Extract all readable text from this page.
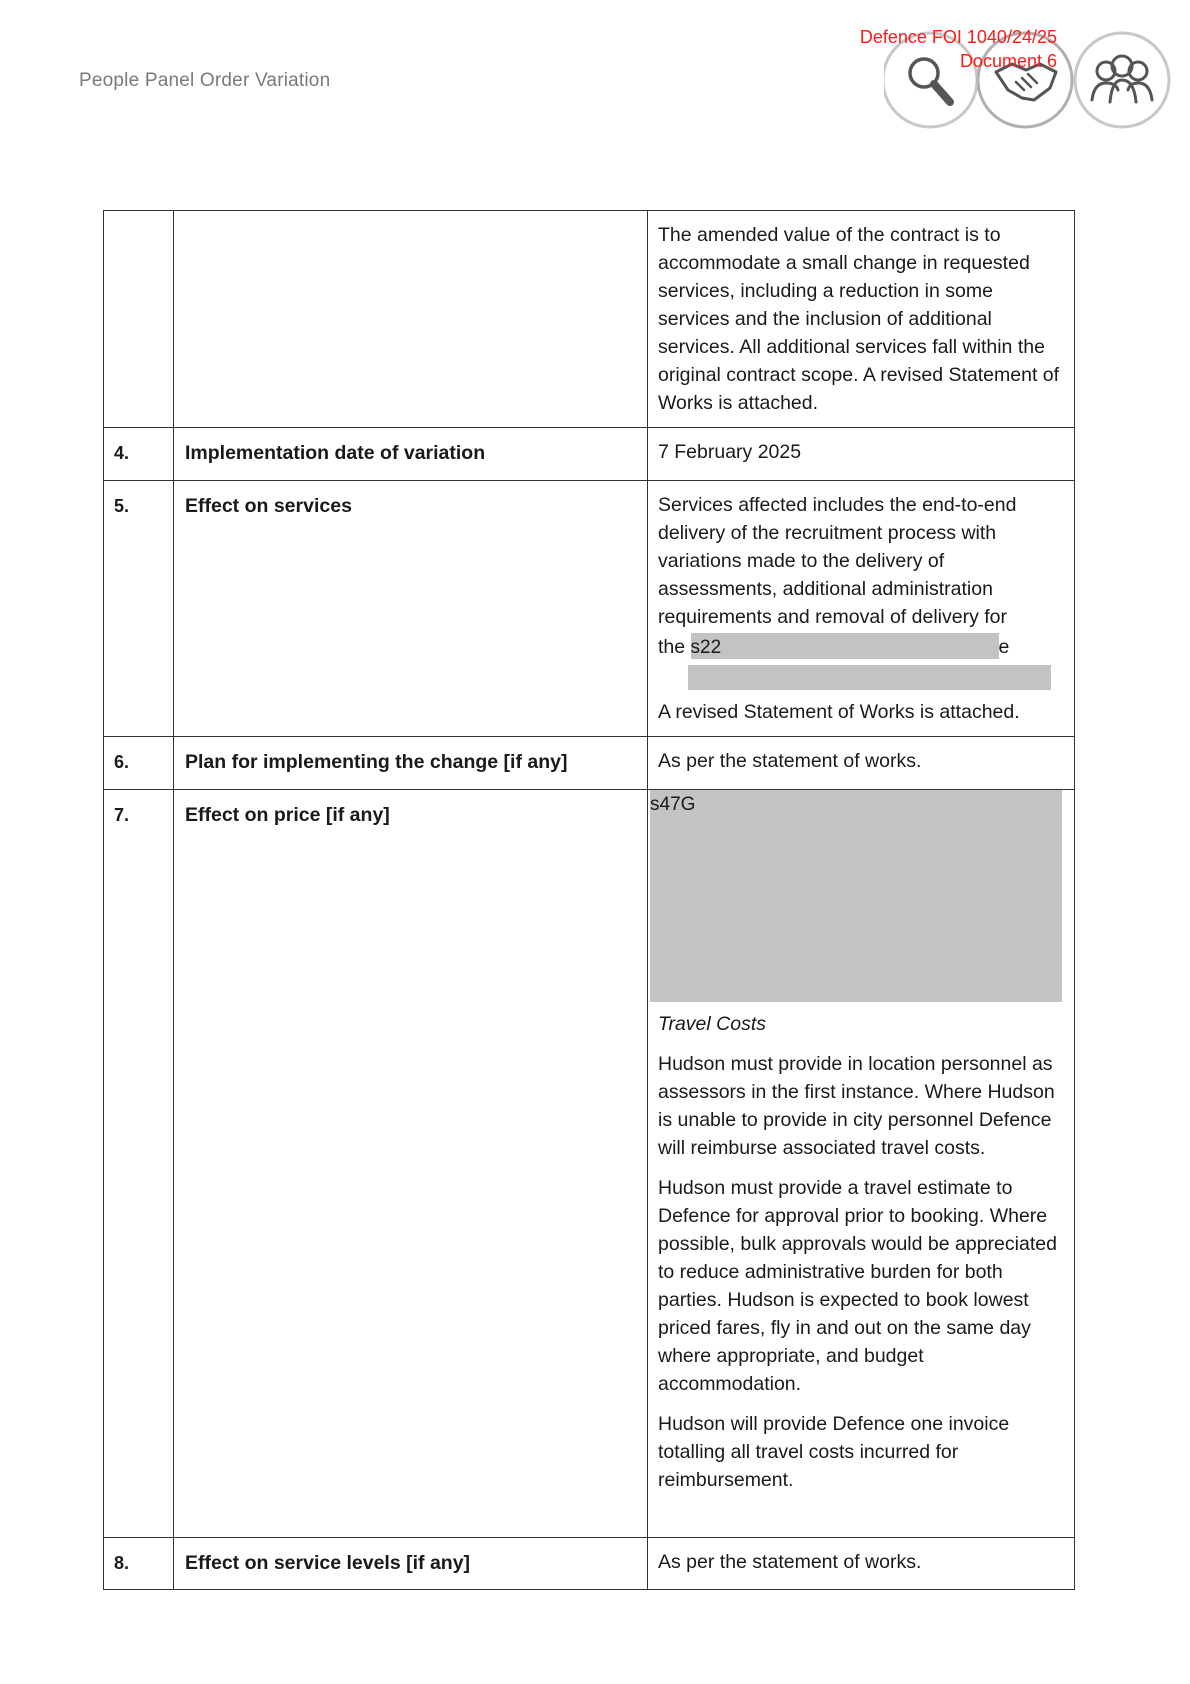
People Panel Order Variation
Defence FOI 1040/24/25
Document 6

		The amended value of the contract is to accommodate a small change in requested services, including a reduction in some services and the inclusion of additional services. All additional services fall within the original contract scope. A revised Statement of Works is attached.

4.	Implementation date of variation	7 February 2025
5.	Effect on services	Services affected includes the end-to-end delivery of the recruitment process with variations made to the delivery of assessments, additional administration requirements and removal of delivery for
the s22 e
A revised Statement of Works is attached.

6.	Plan for implementing the change [if any]	As per the statement of works.
7.	Effect on price [if any]	s47G

Travel Costs

Hudson must provide in location personnel as assessors in the first instance. Where Hudson is unable to provide in city personnel Defence will reimburse associated travel costs.

Hudson must provide a travel estimate to Defence for approval prior to booking. Where possible, bulk approvals would be appreciated to reduce administrative burden for both parties. Hudson is expected to book lowest priced fares, fly in and out on the same day where appropriate, and budget accommodation.

Hudson will provide Defence one invoice totalling all travel costs incurred for reimbursement.

8.	Effect on service levels [if any]	As per the statement of works.
